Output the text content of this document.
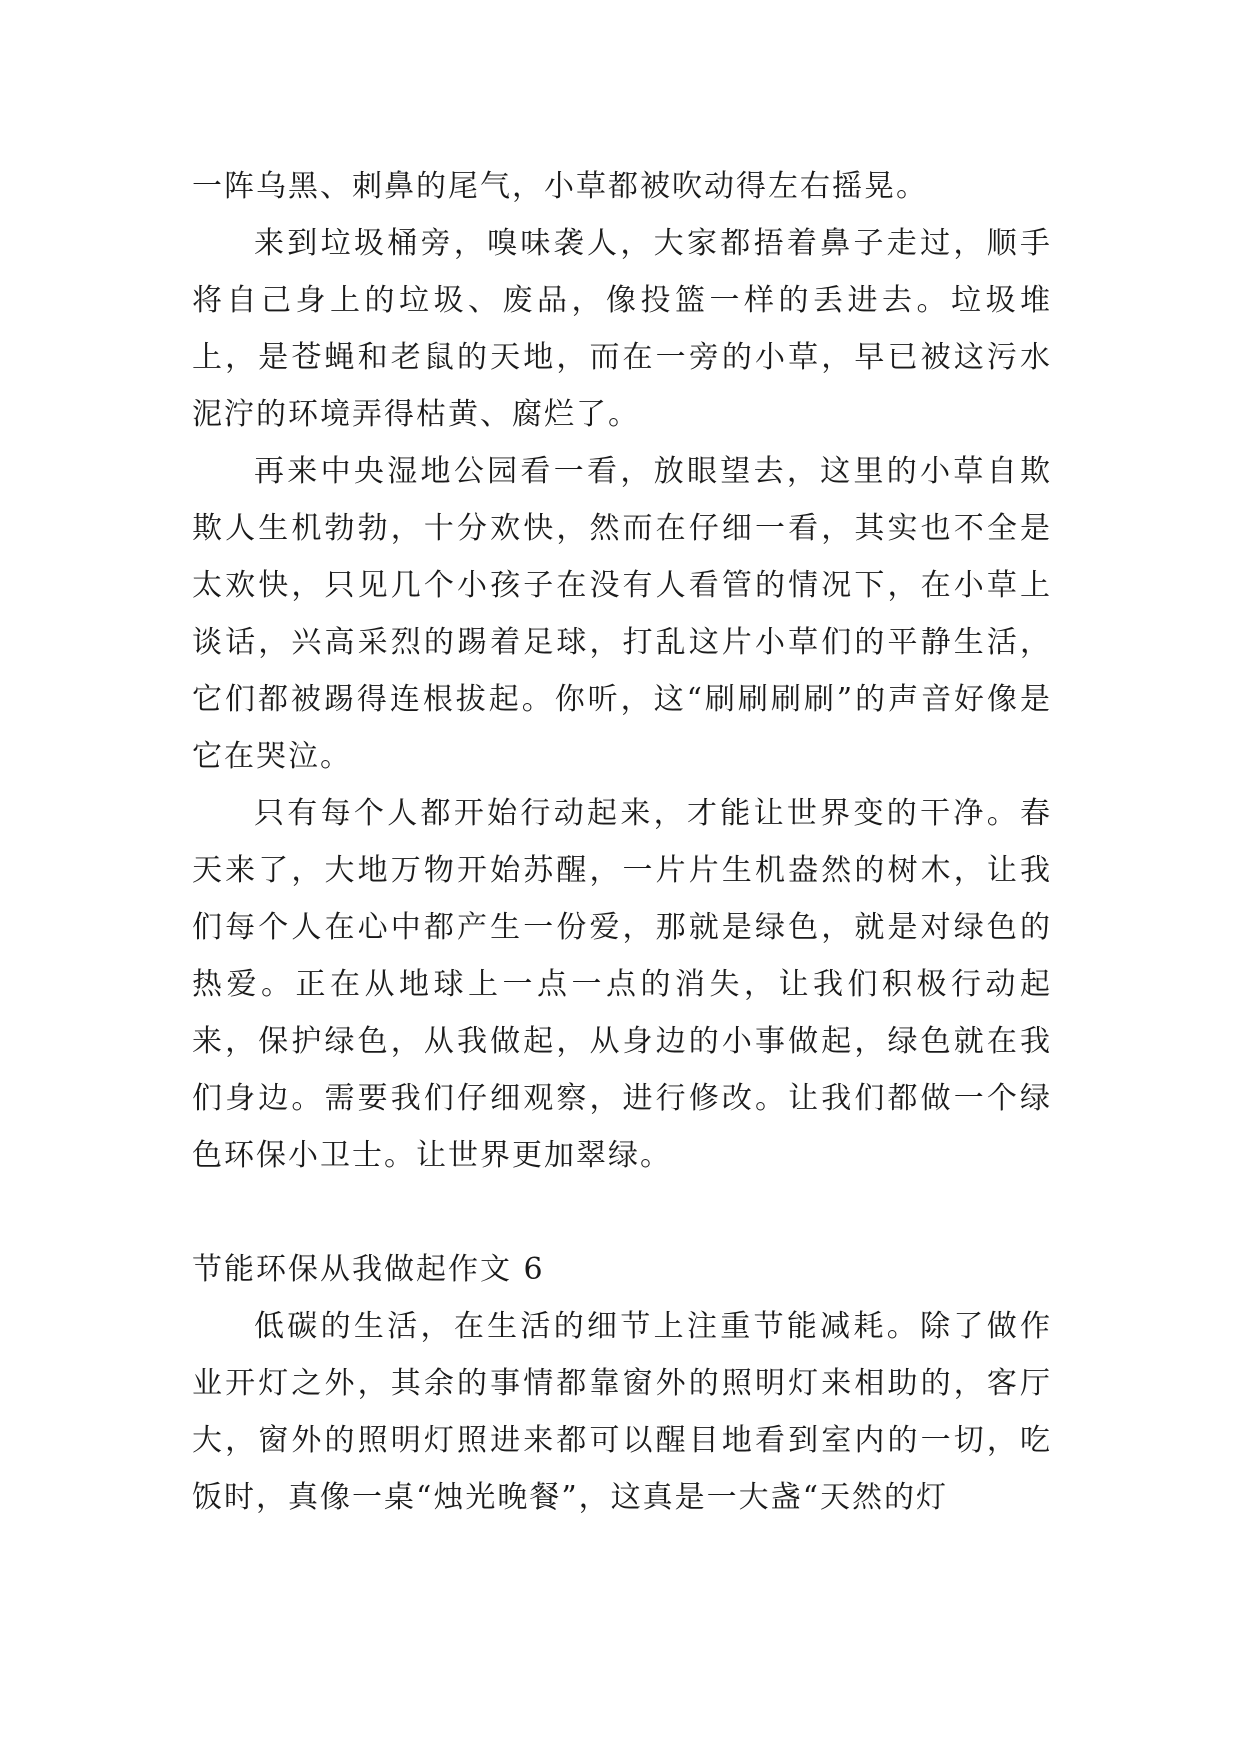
一阵乌黑、刺鼻的尾气，小草都被吹动得左右摇晃。

来到垃圾桶旁，嗅味袭人，大家都捂着鼻子走过，顺手将自己身上的垃圾、废品，像投篮一样的丢进去。垃圾堆上，是苍蝇和老鼠的天地，而在一旁的小草，早已被这污水泥泞的环境弄得枯黄、腐烂了。

再来中央湿地公园看一看，放眼望去，这里的小草自欺欺人生机勃勃，十分欢快，然而在仔细一看，其实也不全是太欢快，只见几个小孩子在没有人看管的情况下，在小草上谈话，兴高采烈的踢着足球，打乱这片小草们的平静生活，它们都被踢得连根拔起。你听，这“刷刷刷刷”的声音好像是它在哭泣。

只有每个人都开始行动起来，才能让世界变的干净。春天来了，大地万物开始苏醒，一片片生机盎然的树木，让我们每个人在心中都产生一份爱，那就是绿色，就是对绿色的热爱。正在从地球上一点一点的消失，让我们积极行动起来，保护绿色，从我做起，从身边的小事做起，绿色就在我们身边。需要我们仔细观察，进行修改。让我们都做一个绿色环保小卫士。让世界更加翠绿。

节能环保从我做起作文 6

低碳的生活，在生活的细节上注重节能减耗。除了做作业开灯之外，其余的事情都靠窗外的照明灯来相助的，客厅大，窗外的照明灯照进来都可以醒目地看到室内的一切，吃饭时，真像一桌“烛光晚餐”，这真是一大盏“天然的灯
